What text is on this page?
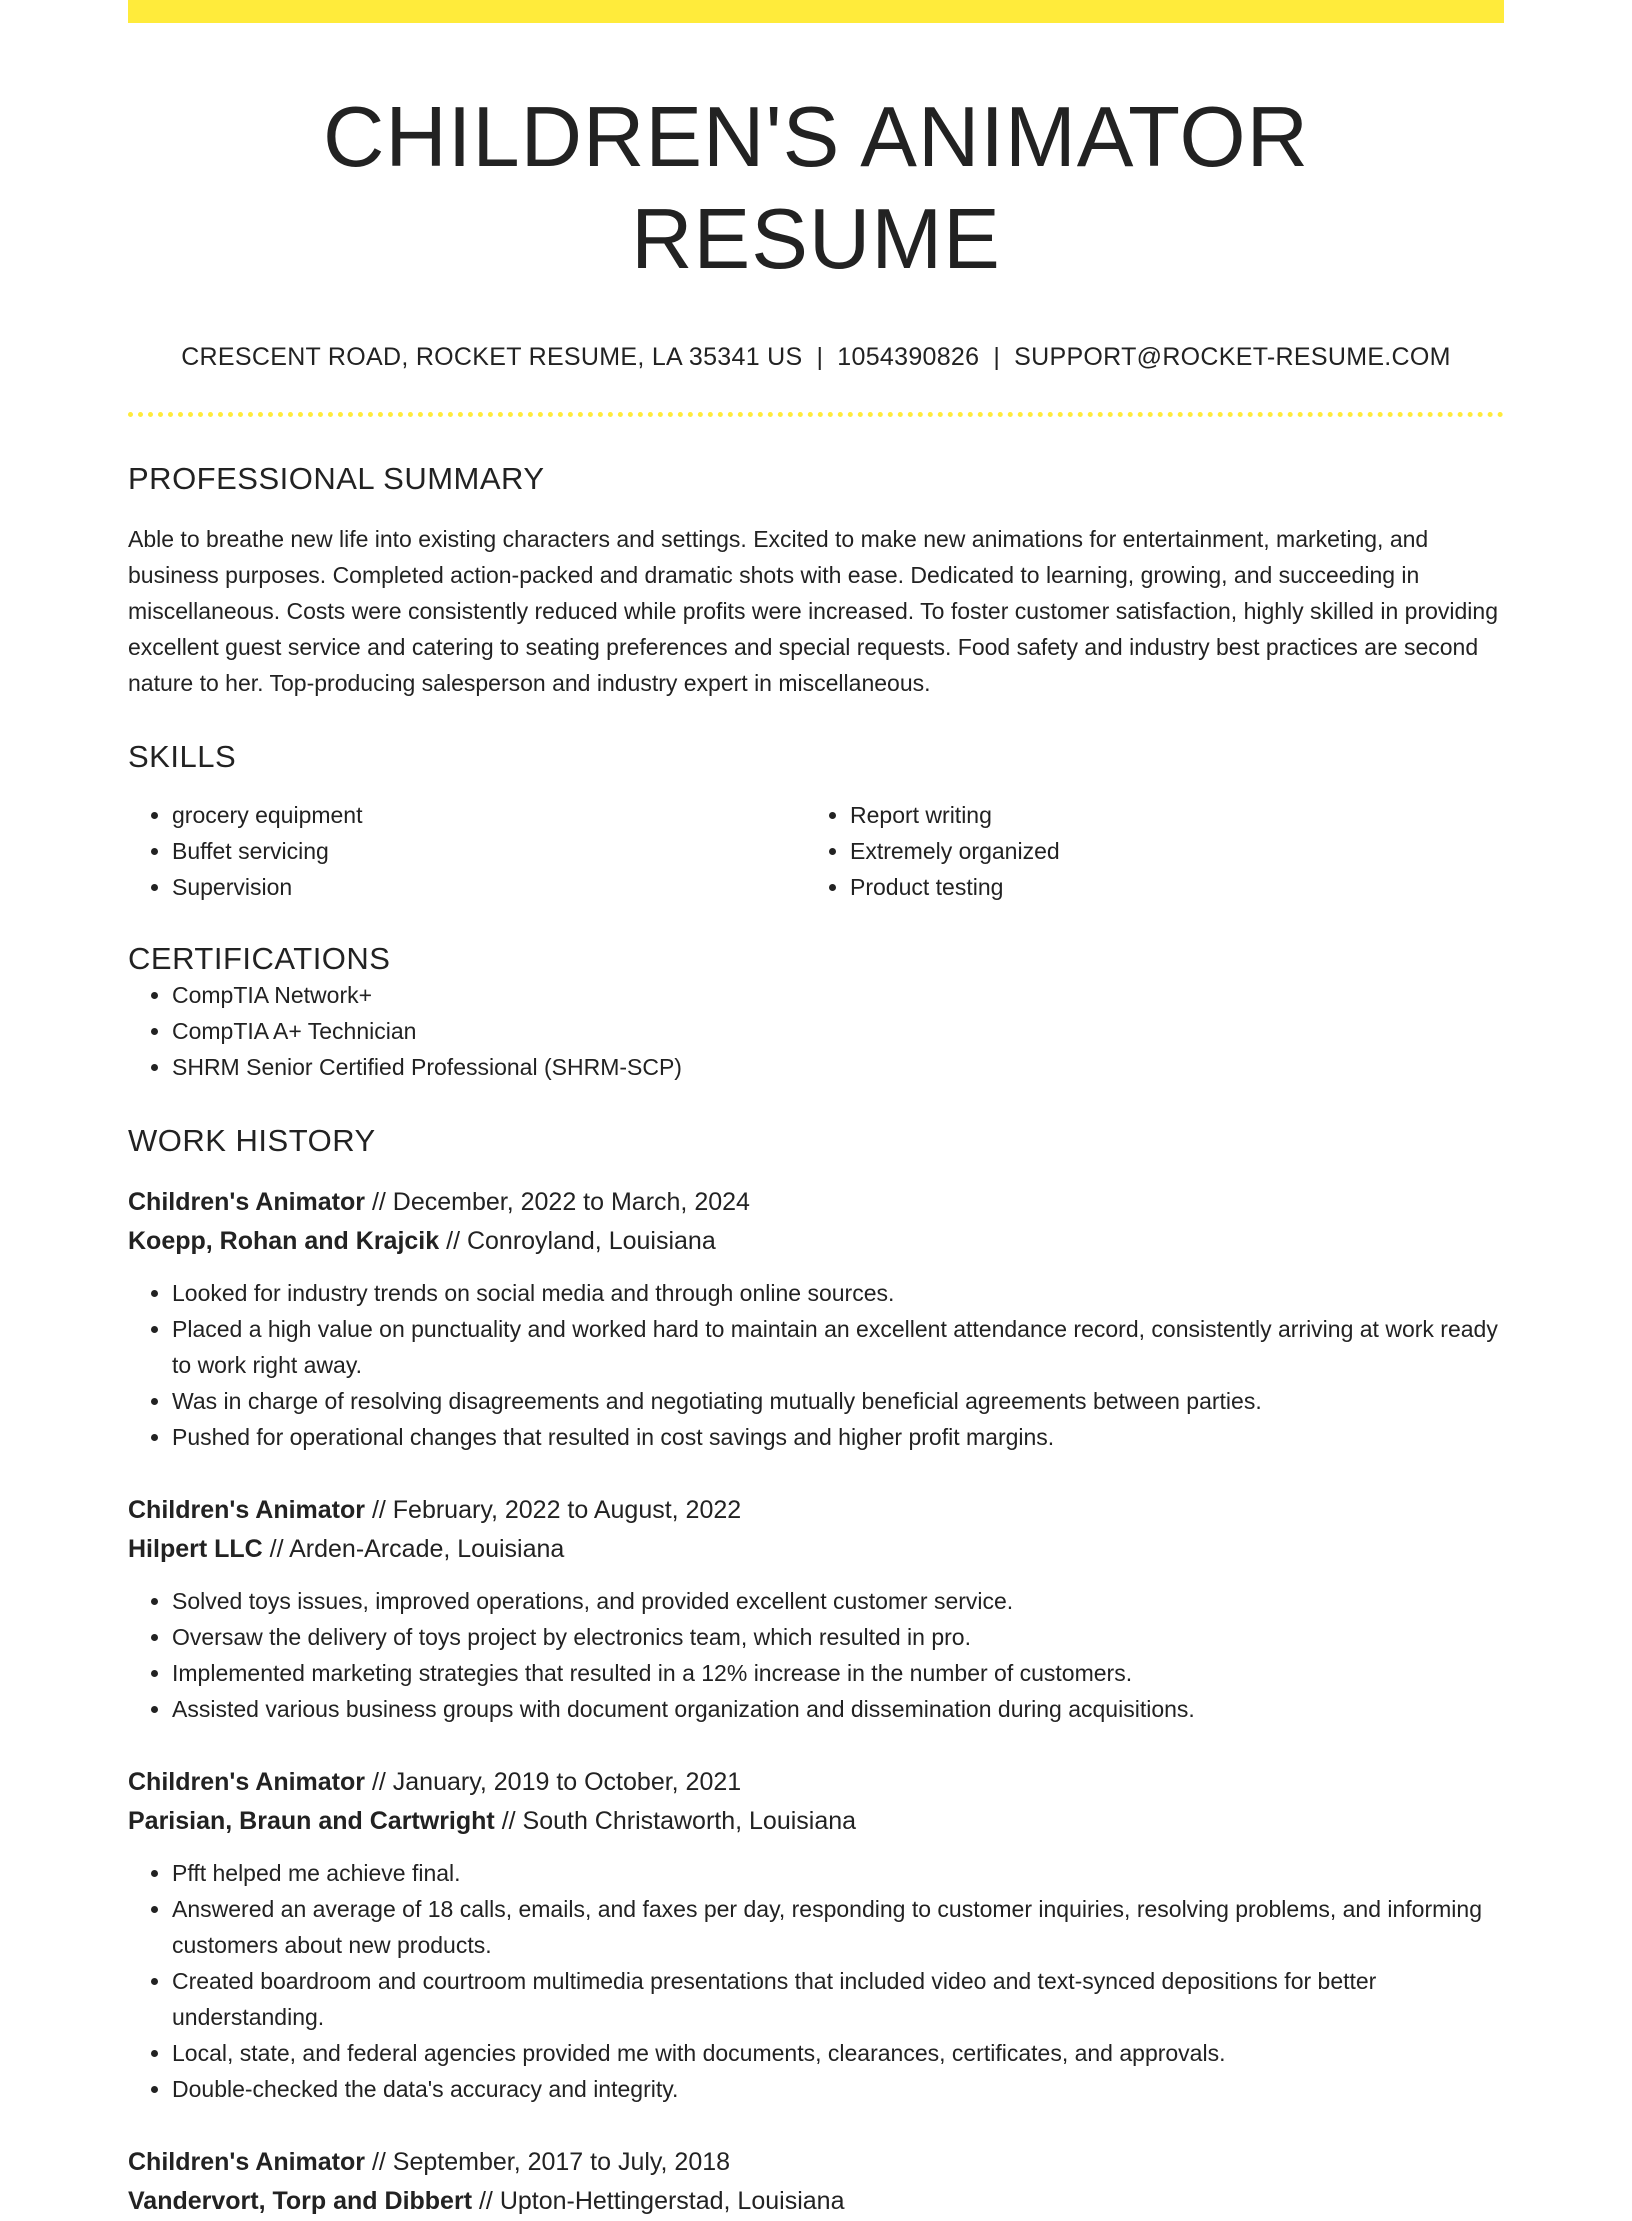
CHILDREN'S ANIMATOR RESUME
CRESCENT ROAD, ROCKET RESUME, LA 35341 US | 1054390826 | SUPPORT@ROCKET-RESUME.COM
PROFESSIONAL SUMMARY

Able to breathe new life into existing characters and settings. Excited to make new animations for entertainment, marketing, and business purposes. Completed action-packed and dramatic shots with ease. Dedicated to learning, growing, and succeeding in miscellaneous. Costs were consistently reduced while profits were increased. To foster customer satisfaction, highly skilled in providing excellent guest service and catering to seating preferences and special requests. Food safety and industry best practices are second nature to her. Top-producing salesperson and industry expert in miscellaneous.

SKILLS
• grocery equipment
• Buffet servicing
• Supervision
• Report writing
• Extremely organized
• Product testing
CERTIFICATIONS
• CompTIA Network+
• CompTIA A+ Technician
• SHRM Senior Certified Professional (SHRM-SCP)
WORK HISTORY
Children's Animator // December, 2022 to March, 2024
Koepp, Rohan and Krajcik // Conroyland, Louisiana
• Looked for industry trends on social media and through online sources.
• Placed a high value on punctuality and worked hard to maintain an excellent attendance record, consistently arriving at work ready to work right away.
• Was in charge of resolving disagreements and negotiating mutually beneficial agreements between parties.
• Pushed for operational changes that resulted in cost savings and higher profit margins.
Children's Animator // February, 2022 to August, 2022
Hilpert LLC // Arden-Arcade, Louisiana
• Solved toys issues, improved operations, and provided excellent customer service.
• Oversaw the delivery of toys project by electronics team, which resulted in pro.
• Implemented marketing strategies that resulted in a 12% increase in the number of customers.
• Assisted various business groups with document organization and dissemination during acquisitions.
Children's Animator // January, 2019 to October, 2021
Parisian, Braun and Cartwright // South Christaworth, Louisiana
• Pfft helped me achieve final.
• Answered an average of 18 calls, emails, and faxes per day, responding to customer inquiries, resolving problems, and informing customers about new products.
• Created boardroom and courtroom multimedia presentations that included video and text-synced depositions for better understanding.
• Local, state, and federal agencies provided me with documents, clearances, certificates, and approvals.
• Double-checked the data's accuracy and integrity.
Children's Animator // September, 2017 to July, 2018
Vandervort, Torp and Dibbert // Upton-Hettingerstad, Louisiana
